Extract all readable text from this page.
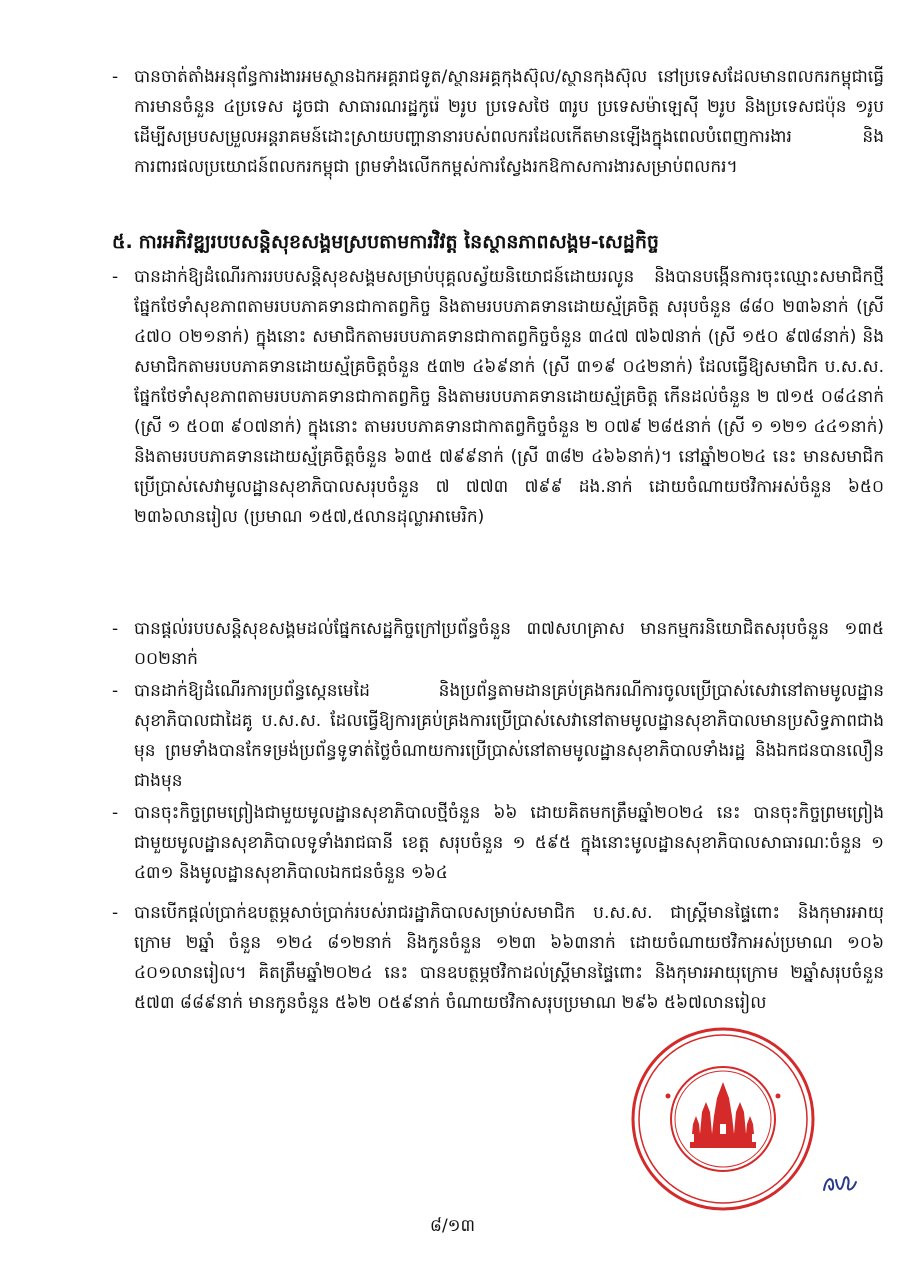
- បានចាត់តាំងអនុព័ន្ធការងារអមស្ថានឯកអគ្គរាជទូត/ស្ថានអគ្គកុងស៊ុល/ស្ថានកុងស៊ុល នៅប្រទេសដែលមានពលករកម្ពុជាធ្វើការមានចំនួន ៤ប្រទេស ដូចជា សាធារណរដ្ឋកូរ៉េ ២រូប ប្រទេសថៃ ៣រូប ប្រទេសម៉ាឡេស៊ី ២រូប និងប្រទេសជប៉ុន ១រូប ដើម្បីសម្របសម្រួលអន្តរាគមន៍ដោះស្រាយបញ្ហានានារបស់ពលករដែលកើតមានឡើងក្នុងពេលបំពេញការងារ និងការពារផលប្រយោជន៍ពលករកម្ពុជា ព្រមទាំងលើកកម្ពស់ការស្វែងរកឱកាសការងារសម្រាប់ពលករ។

៥. ការអភិវឌ្ឍរបបសន្តិសុខសង្គមស្របតាមការវិវត្ត នៃស្ថានភាពសង្គម-សេដ្ឋកិច្ច

- បានដាក់ឱ្យដំណើរការរបបសន្តិសុខសង្គមសម្រាប់បុគ្គលស្វ័យនិយោជន៍ដោយរលូន និងបានបង្កើនការចុះឈ្មោះសមាជិកថ្មីផ្នែកថែទាំសុខភាពតាមរបបភាគទានជាកាតព្វកិច្ច និងតាមរបបភាគទានដោយស្ម័គ្រចិត្ត សរុបចំនួន ៨៨០ ២៣៦នាក់ (ស្រី ៤៧០ ០២១នាក់) ក្នុងនោះ សមាជិកតាមរបបភាគទានជាកាតព្វកិច្ចចំនួន ៣៤៧ ៧៦៧នាក់ (ស្រី ១៥០ ៩៧៨នាក់) និងសមាជិកតាមរបបភាគទានដោយស្ម័គ្រចិត្តចំនួន ៥៣២ ៤៦៩នាក់ (ស្រី ៣១៩ ០៤២នាក់) ដែលធ្វើឱ្យសមាជិក ប.ស.ស. ផ្នែកថែទាំសុខភាពតាមរបបភាគទានជាកាតព្វកិច្ច និងតាមរបបភាគទានដោយស្ម័គ្រចិត្ត កើនដល់ចំនួន ២ ៧១៥ ០៨៤នាក់ (ស្រី ១ ៥០៣ ៩០៧នាក់) ក្នុងនោះ តាមរបបភាគទានជាកាតព្វកិច្ចចំនួន ២ ០៧៩ ២៨៥នាក់ (ស្រី ១ ១២១ ៤៤១នាក់) និងតាមរបបភាគទានដោយស្ម័គ្រចិត្តចំនួន ៦៣៥ ៧៩៩នាក់ (ស្រី ៣៨២ ៤៦៦នាក់)។ នៅឆ្នាំ២០២៤ នេះ មានសមាជិកប្រើប្រាស់សេវាមូលដ្ឋានសុខាភិបាលសរុបចំនួន ៧ ៧៧៣ ៧៩៩ ដង.នាក់ ដោយចំណាយថវិកាអស់ចំនួន ៦៥០ ២៣៦លានរៀល (ប្រមាណ ១៥៧,៥លានដុល្លាអាមេរិក)

- បានផ្តល់របបសន្តិសុខសង្គមដល់ផ្នែកសេដ្ឋកិច្ចក្រៅប្រព័ន្ធចំនួន ៣៧សហគ្រាស មានកម្មករនិយោជិតសរុបចំនួន ១៣៥ ០០២នាក់

- បានដាក់ឱ្យដំណើរការប្រព័ន្ធស្កេនមេដៃ និងប្រព័ន្ធតាមដានគ្រប់គ្រងករណីការចូលប្រើប្រាស់សេវានៅតាមមូលដ្ឋានសុខាភិបាលជាដៃគូ ប.ស.ស. ដែលធ្វើឱ្យការគ្រប់គ្រងការប្រើប្រាស់សេវានៅតាមមូលដ្ឋានសុខាភិបាលមានប្រសិទ្ធភាពជាងមុន ព្រមទាំងបានកែទម្រង់ប្រព័ន្ធទូទាត់ថ្លៃចំណាយការប្រើប្រាស់នៅតាមមូលដ្ឋានសុខាភិបាលទាំងរដ្ឋ និងឯកជនបានលឿនជាងមុន

- បានចុះកិច្ចព្រមព្រៀងជាមួយមូលដ្ឋានសុខាភិបាលថ្មីចំនួន ៦៦ ដោយគិតមកត្រឹមឆ្នាំ២០២៤ នេះ បានចុះកិច្ចព្រមព្រៀងជាមួយមូលដ្ឋានសុខាភិបាលទូទាំងរាជធានី ខេត្ត សរុបចំនួន ១ ៥៩៥ ក្នុងនោះមូលដ្ឋានសុខាភិបាលសាធារណៈចំនួន ១ ៤៣១ និងមូលដ្ឋានសុខាភិបាលឯកជនចំនួន ១៦៤

- បានបើកផ្តល់ប្រាក់ឧបត្ថម្ភសាច់ប្រាក់របស់រាជរដ្ឋាភិបាលសម្រាប់សមាជិក ប.ស.ស. ជាស្ត្រីមានផ្ទៃពោះ និងកុមារអាយុក្រោម ២ឆ្នាំ ចំនួន ១២៤ ៨១២នាក់ និងកូនចំនួន ១២៣ ៦៦៣នាក់ ដោយចំណាយថវិកាអស់ប្រមាណ ១០៦ ៤០១លានរៀល។ គិតត្រឹមឆ្នាំ២០២៤ នេះ បានឧបត្ថម្ភថវិកាដល់ស្ត្រីមានផ្ទៃពោះ និងកុមារអាយុក្រោម ២ឆ្នាំសរុបចំនួន ៥៧៣ ៨៨៩នាក់ មានកូនចំនួន ៥៦២ ០៥៩នាក់ ចំណាយថវិកាសរុបប្រមាណ ២៩៦ ៥៦៧លានរៀល

៨/១៣
